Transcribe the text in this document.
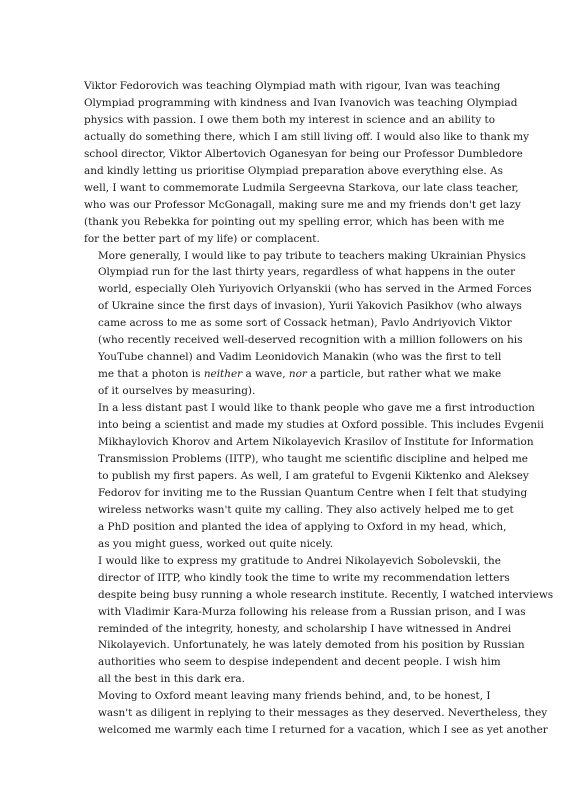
Viktor Fedorovich was teaching Olympiad math with rigour, Ivan was teaching
Olympiad programming with kindness and Ivan Ivanovich was teaching Olympiad
physics with passion. I owe them both my interest in science and an ability to
actually do something there, which I am still living off. I would also like to thank my
school director, Viktor Albertovich Oganesyan for being our Professor Dumbledore
and kindly letting us prioritise Olympiad preparation above everything else. As
well, I want to commemorate Ludmila Sergeevna Starkova, our late class teacher,
who was our Professor McGonagall, making sure me and my friends don't get lazy
(thank you Rebekka for pointing out my spelling error, which has been with me
for the better part of my life) or complacent.
More generally, I would like to pay tribute to teachers making Ukrainian Physics
Olympiad run for the last thirty years, regardless of what happens in the outer
world, especially Oleh Yuriyovich Orlyanskii (who has served in the Armed Forces
of Ukraine since the first days of invasion), Yurii Yakovich Pasikhov (who always
came across to me as some sort of Cossack hetman), Pavlo Andriyovich Viktor
(who recently received well-deserved recognition with a million followers on his
YouTube channel) and Vadim Leonidovich Manakin (who was the first to tell
me that a photon is neither a wave, nor a particle, but rather what we make
of it ourselves by measuring).
In a less distant past I would like to thank people who gave me a first introduction
into being a scientist and made my studies at Oxford possible. This includes Evgenii
Mikhaylovich Khorov and Artem Nikolayevich Krasilov of Institute for Information
Transmission Problems (IITP), who taught me scientific discipline and helped me
to publish my first papers. As well, I am grateful to Evgenii Kiktenko and Aleksey
Fedorov for inviting me to the Russian Quantum Centre when I felt that studying
wireless networks wasn't quite my calling. They also actively helped me to get
a PhD position and planted the idea of applying to Oxford in my head, which,
as you might guess, worked out quite nicely.
I would like to express my gratitude to Andrei Nikolayevich Sobolevskii, the
director of IITP, who kindly took the time to write my recommendation letters
despite being busy running a whole research institute. Recently, I watched interviews
with Vladimir Kara-Murza following his release from a Russian prison, and I was
reminded of the integrity, honesty, and scholarship I have witnessed in Andrei
Nikolayevich. Unfortunately, he was lately demoted from his position by Russian
authorities who seem to despise independent and decent people. I wish him
all the best in this dark era.
Moving to Oxford meant leaving many friends behind, and, to be honest, I
wasn't as diligent in replying to their messages as they deserved. Nevertheless, they
welcomed me warmly each time I returned for a vacation, which I see as yet another
